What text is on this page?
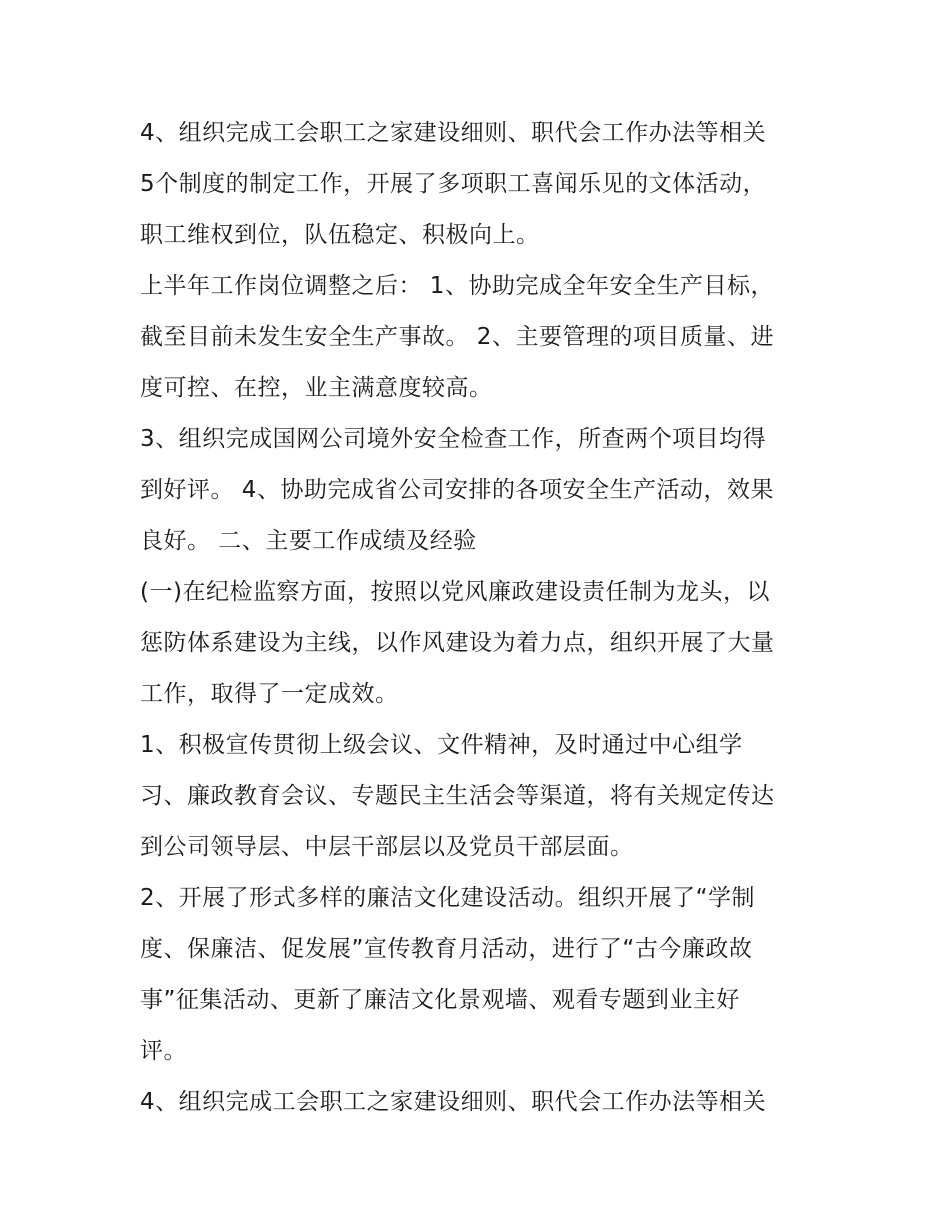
4、组织完成工会职工之家建设细则、职代会工作办法等相关
5个制度的制定工作，开展了多项职工喜闻乐见的文体活动，
职工维权到位，队伍稳定、积极向上。
上半年工作岗位调整之后： 1、协助完成全年安全生产目标，
截至目前未发生安全生产事故。 2、主要管理的项目质量、进
度可控、在控，业主满意度较高。
3、组织完成国网公司境外安全检查工作，所查两个项目均得
到好评。 4、协助完成省公司安排的各项安全生产活动，效果
良好。 二、主要工作成绩及经验
(一)在纪检监察方面，按照以党风廉政建设责任制为龙头，以
惩防体系建设为主线，以作风建设为着力点，组织开展了大量
工作，取得了一定成效。
1、积极宣传贯彻上级会议、文件精神，及时通过中心组学
习、廉政教育会议、专题民主生活会等渠道，将有关规定传达
到公司领导层、中层干部层以及党员干部层面。
2、开展了形式多样的廉洁文化建设活动。组织开展了“学制
度、保廉洁、促发展”宣传教育月活动，进行了“古今廉政故
事”征集活动、更新了廉洁文化景观墙、观看专题到业主好
评。
4、组织完成工会职工之家建设细则、职代会工作办法等相关
